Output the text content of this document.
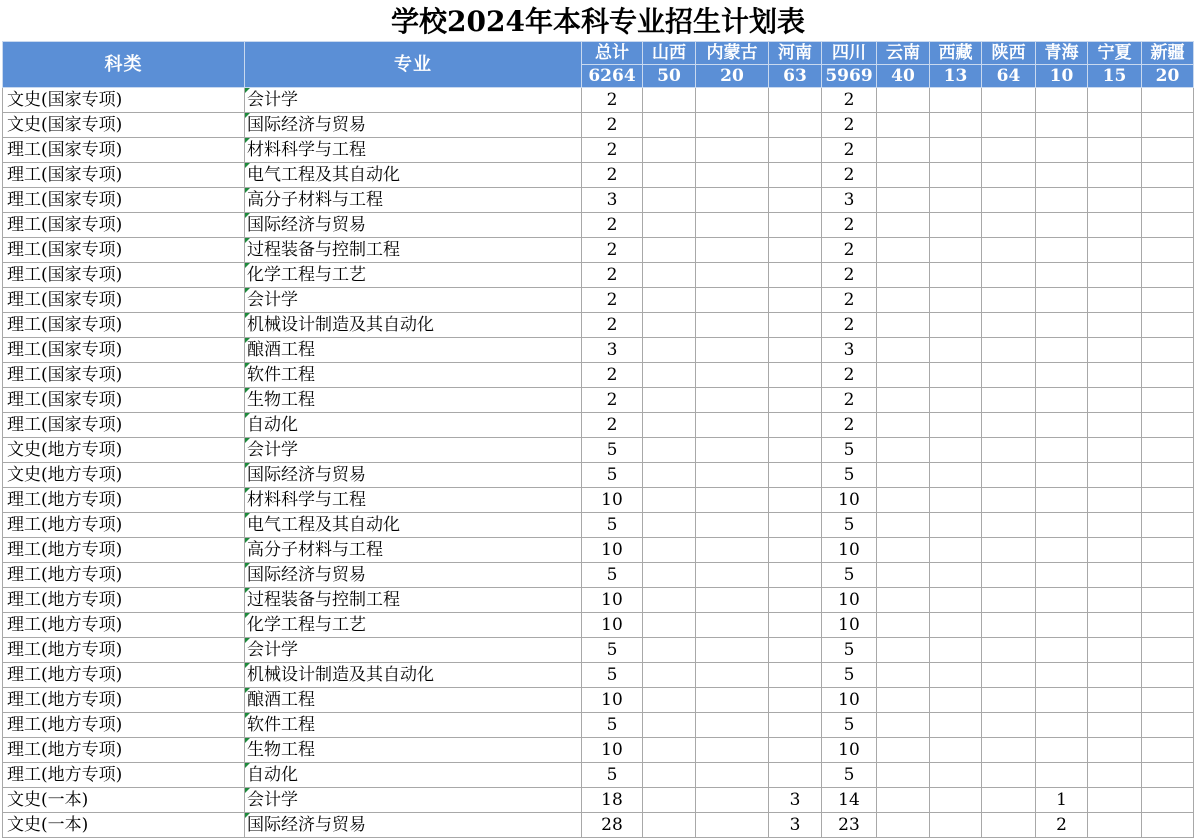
学校2024年本科专业招生计划表
科类	专业	总计	山西	内蒙古	河南	四川	云南	西藏	陕西	青海	宁夏	新疆
		6264	50	20	63	5969	40	13	64	10	15	20
文史(国家专项)	会计学	2				2						
文史(国家专项)	国际经济与贸易	2				2						
理工(国家专项)	材料科学与工程	2				2						
理工(国家专项)	电气工程及其自动化	2				2						
理工(国家专项)	高分子材料与工程	3				3						
理工(国家专项)	国际经济与贸易	2				2						
理工(国家专项)	过程装备与控制工程	2				2						
理工(国家专项)	化学工程与工艺	2				2						
理工(国家专项)	会计学	2				2						
理工(国家专项)	机械设计制造及其自动化	2				2						
理工(国家专项)	酿酒工程	3				3						
理工(国家专项)	软件工程	2				2						
理工(国家专项)	生物工程	2				2						
理工(国家专项)	自动化	2				2						
文史(地方专项)	会计学	5				5						
文史(地方专项)	国际经济与贸易	5				5						
理工(地方专项)	材料科学与工程	10				10						
理工(地方专项)	电气工程及其自动化	5				5						
理工(地方专项)	高分子材料与工程	10				10						
理工(地方专项)	国际经济与贸易	5				5						
理工(地方专项)	过程装备与控制工程	10				10						
理工(地方专项)	化学工程与工艺	10				10						
理工(地方专项)	会计学	5				5						
理工(地方专项)	机械设计制造及其自动化	5				5						
理工(地方专项)	酿酒工程	10				10						
理工(地方专项)	软件工程	5				5						
理工(地方专项)	生物工程	10				10						
理工(地方专项)	自动化	5				5						
文史(一本)	会计学	18			3	14				1		
文史(一本)	国际经济与贸易	28			3	23				2		
